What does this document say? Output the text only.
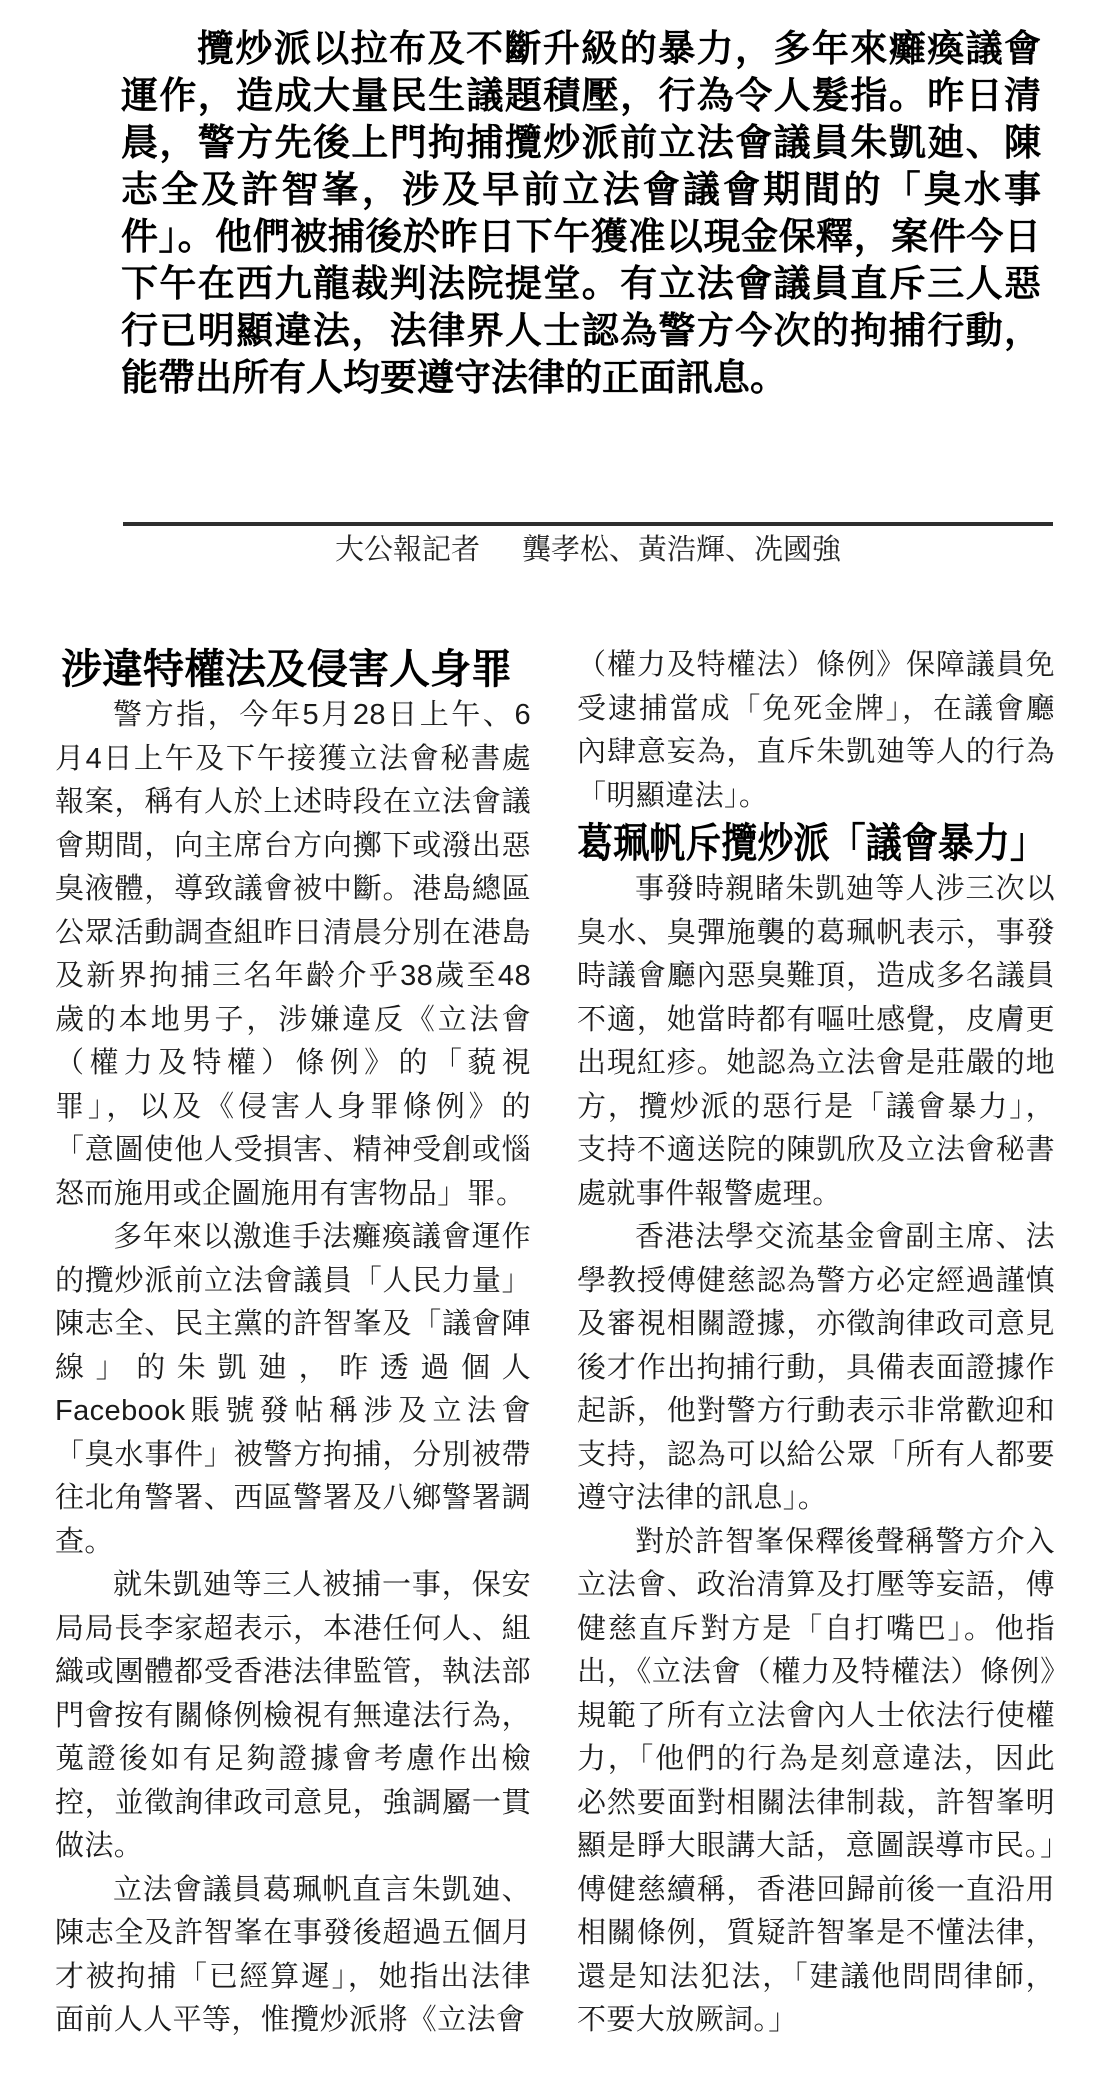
攬炒派以拉布及不斷升級的暴力，多年來癱瘓議會運作，造成大量民生議題積壓，行為令人髮指。昨日清晨，警方先後上門拘捕攬炒派前立法會議員朱凱廸、陳志全及許智峯，涉及早前立法會議會期間的「臭水事件」。他們被捕後於昨日下午獲准以現金保釋，案件今日下午在西九龍裁判法院提堂。有立法會議員直斥三人惡行已明顯違法，法律界人士認為警方今次的拘捕行動，能帶出所有人均要遵守法律的正面訊息。
大公報記者 龔孝松、黃浩輝、冼國強
涉違特權法及侵害人身罪

警方指，今年5月28日上午、6月4日上午及下午接獲立法會秘書處報案，稱有人於上述時段在立法會議會期間，向主席台方向擲下或潑出惡臭液體，導致議會被中斷。港島總區公眾活動調查組昨日清晨分別在港島及新界拘捕三名年齡介乎38歲至48歲的本地男子，涉嫌違反《立法會（權力及特權）條例》的「藐視罪」，以及《侵害人身罪條例》的「意圖使他人受損害、精神受創或惱怒而施用或企圖施用有害物品」罪。

多年來以激進手法癱瘓議會運作的攬炒派前立法會議員「人民力量」陳志全、民主黨的許智峯及「議會陣線」的朱凱廸，昨透過個人Facebook賬號發帖稱涉及立法會「臭水事件」被警方拘捕，分別被帶往北角警署、西區警署及八鄉警署調查。

就朱凱廸等三人被捕一事，保安局局長李家超表示，本港任何人、組織或團體都受香港法律監管，執法部門會按有關條例檢視有無違法行為，蒐證後如有足夠證據會考慮作出檢控，並徵詢律政司意見，強調屬一貫做法。

立法會議員葛珮帆直言朱凱廸、陳志全及許智峯在事發後超過五個月才被拘捕「已經算遲」，她指出法律面前人人平等，惟攬炒派將《立法會

（權力及特權法）條例》保障議員免受逮捕當成「免死金牌」，在議會廳內肆意妄為，直斥朱凱廸等人的行為「明顯違法」。

葛珮帆斥攬炒派「議會暴力」

事發時親睹朱凱廸等人涉三次以臭水、臭彈施襲的葛珮帆表示，事發時議會廳內惡臭難頂，造成多名議員不適，她當時都有嘔吐感覺，皮膚更出現紅疹。她認為立法會是莊嚴的地方，攬炒派的惡行是「議會暴力」，支持不適送院的陳凱欣及立法會秘書處就事件報警處理。

香港法學交流基金會副主席、法學教授傅健慈認為警方必定經過謹慎及審視相關證據，亦徵詢律政司意見後才作出拘捕行動，具備表面證據作起訴，他對警方行動表示非常歡迎和支持，認為可以給公眾「所有人都要遵守法律的訊息」。

對於許智峯保釋後聲稱警方介入立法會、政治清算及打壓等妄語，傅健慈直斥對方是「自打嘴巴」。他指出，《立法會（權力及特權法）條例》規範了所有立法會內人士依法行使權力，「他們的行為是刻意違法，因此必然要面對相關法律制裁，許智峯明顯是睜大眼講大話，意圖誤導市民。」傅健慈續稱，香港回歸前後一直沿用相關條例，質疑許智峯是不懂法律，還是知法犯法，「建議他問問律師，不要大放厥詞。」
